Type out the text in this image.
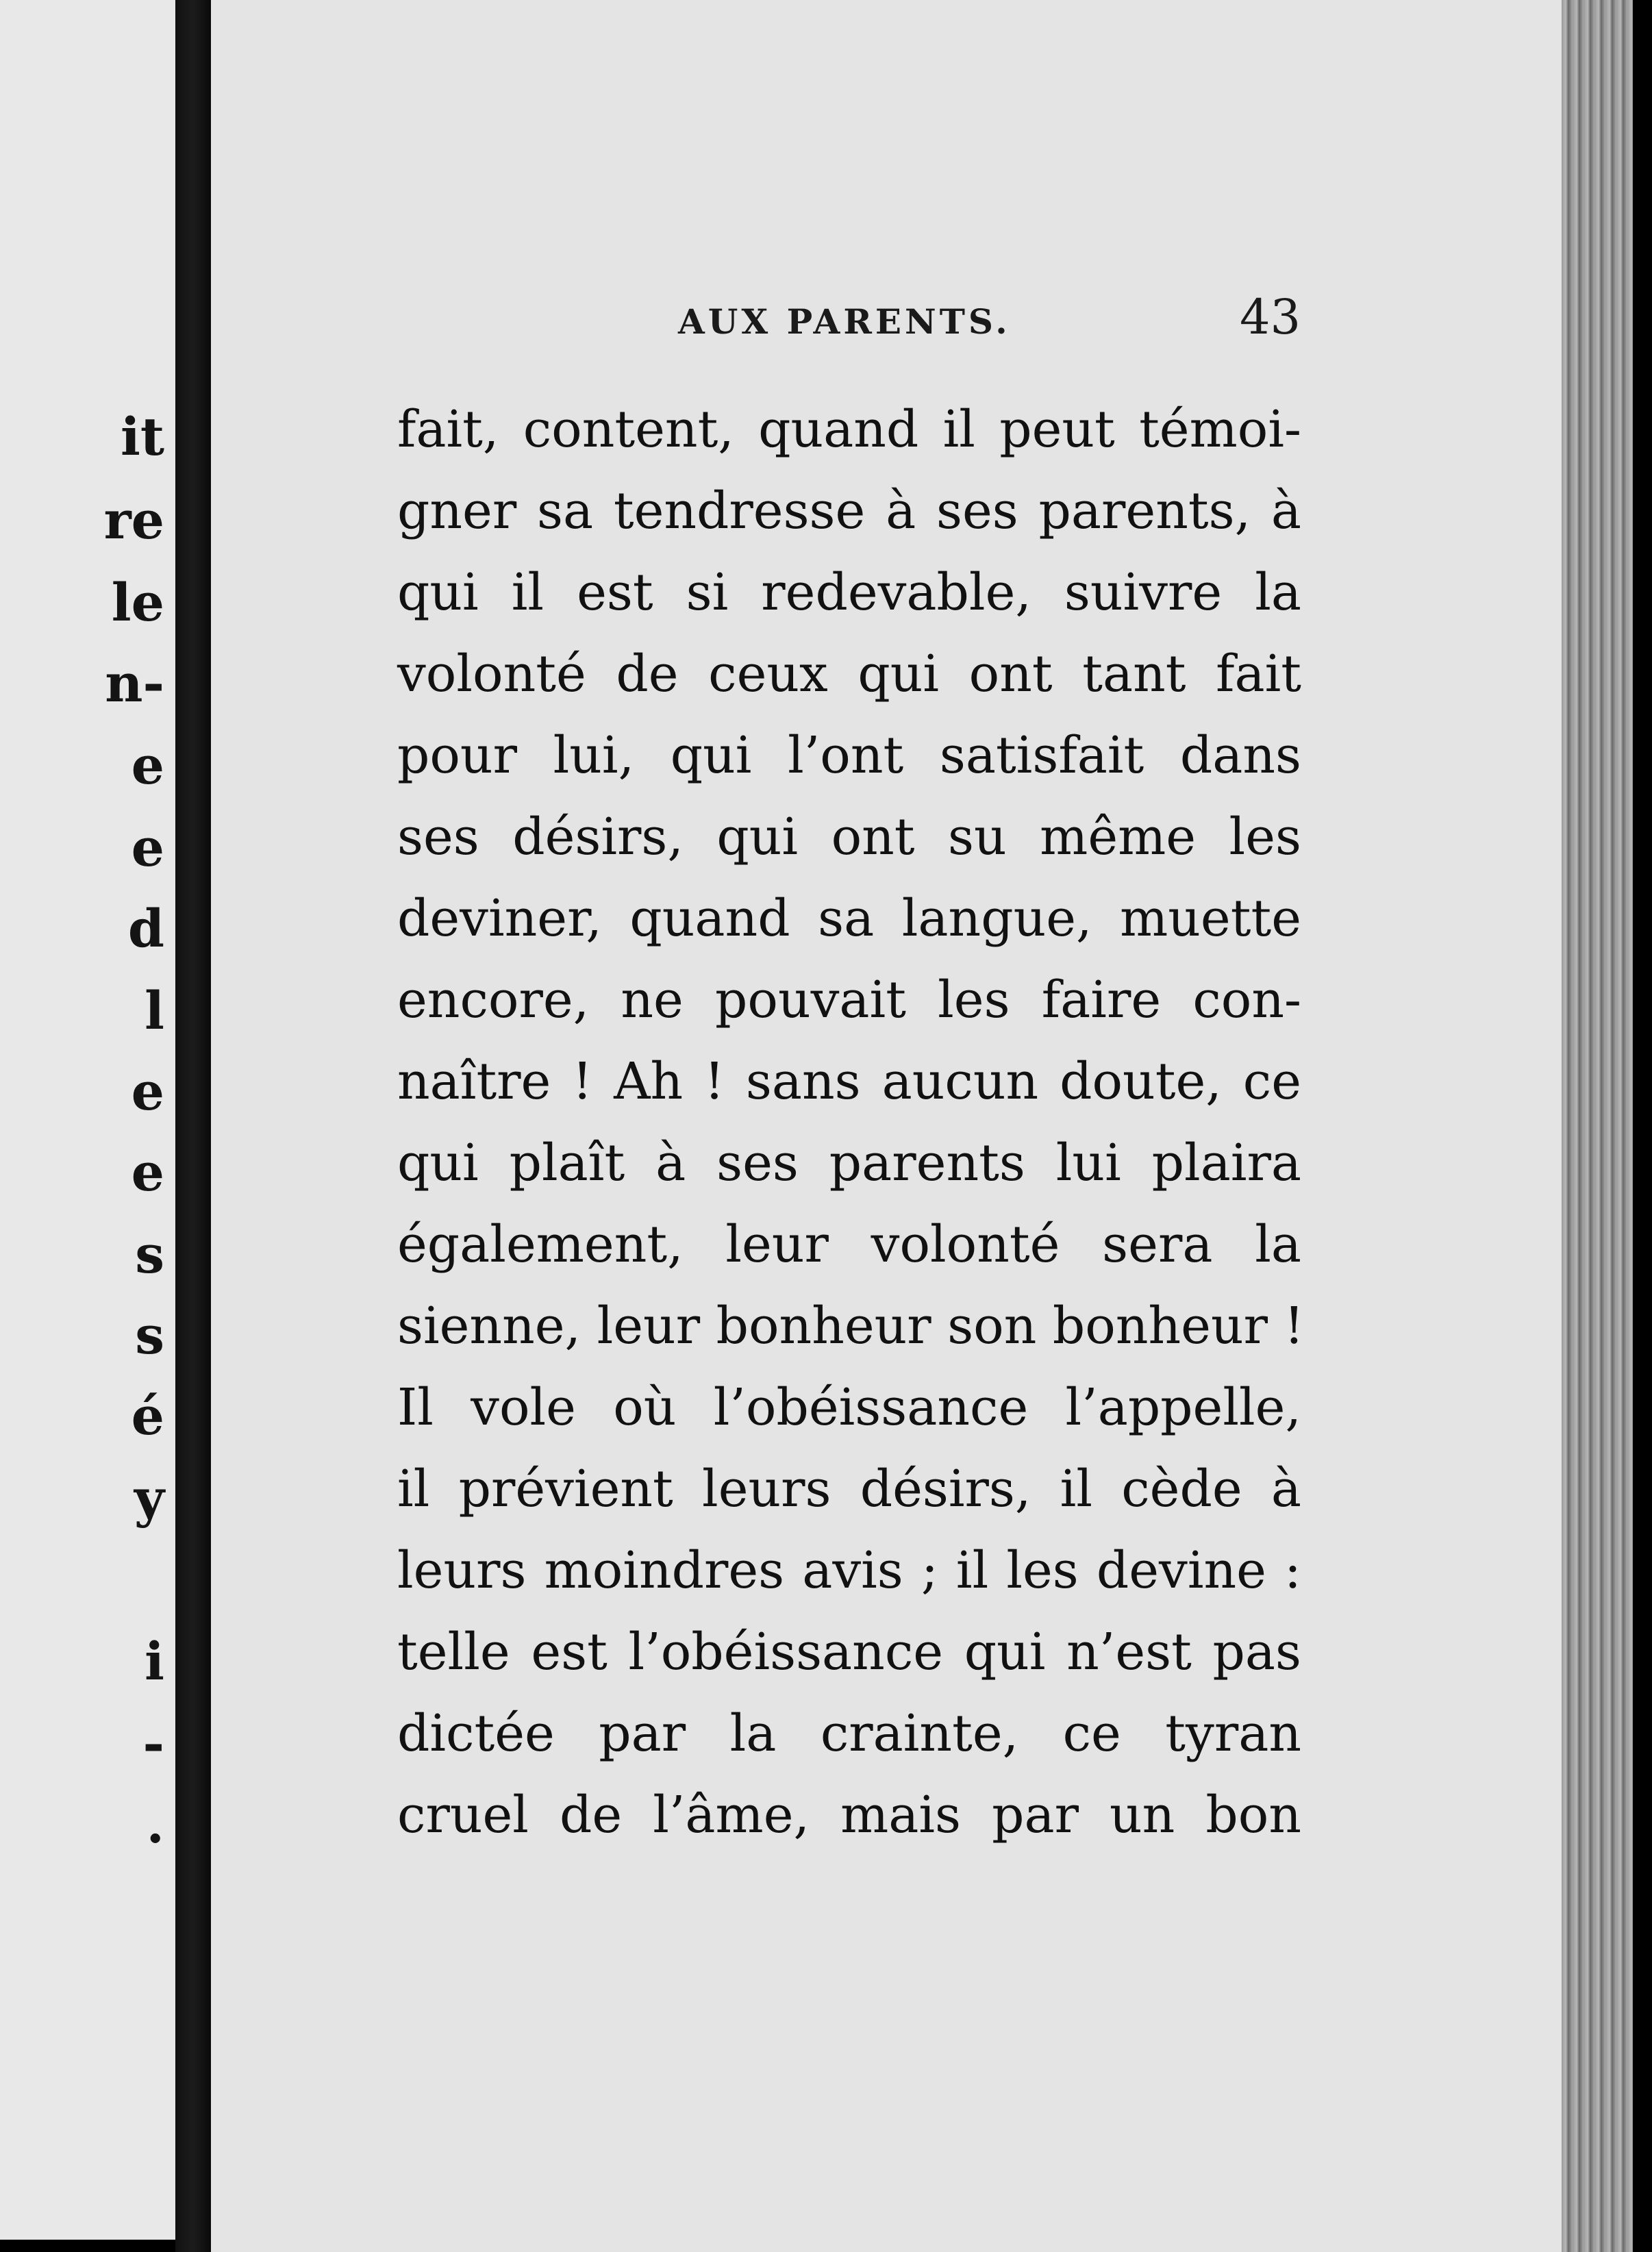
it
re
le
n-
e
e
d
l
e
e
s
s
é
y
i
-
.
AUX PARENTS.	43
fait, content, quand il peut témoi-
gner sa tendresse à ses parents, à
qui il est si redevable, suivre la
volonté de ceux qui ont tant fait
pour lui, qui l’ont satisfait dans
ses désirs, qui ont su même les
deviner, quand sa langue, muette
encore, ne pouvait les faire con-
naître ! Ah ! sans aucun doute, ce
qui plaît à ses parents lui plaira
également, leur volonté sera la
sienne, leur bonheur son bonheur !
Il vole où l’obéissance l’appelle,
il prévient leurs désirs, il cède à
leurs moindres avis ; il les devine :
telle est l’obéissance qui n’est pas
dictée par la crainte, ce tyran
cruel de l’âme, mais par un bon
